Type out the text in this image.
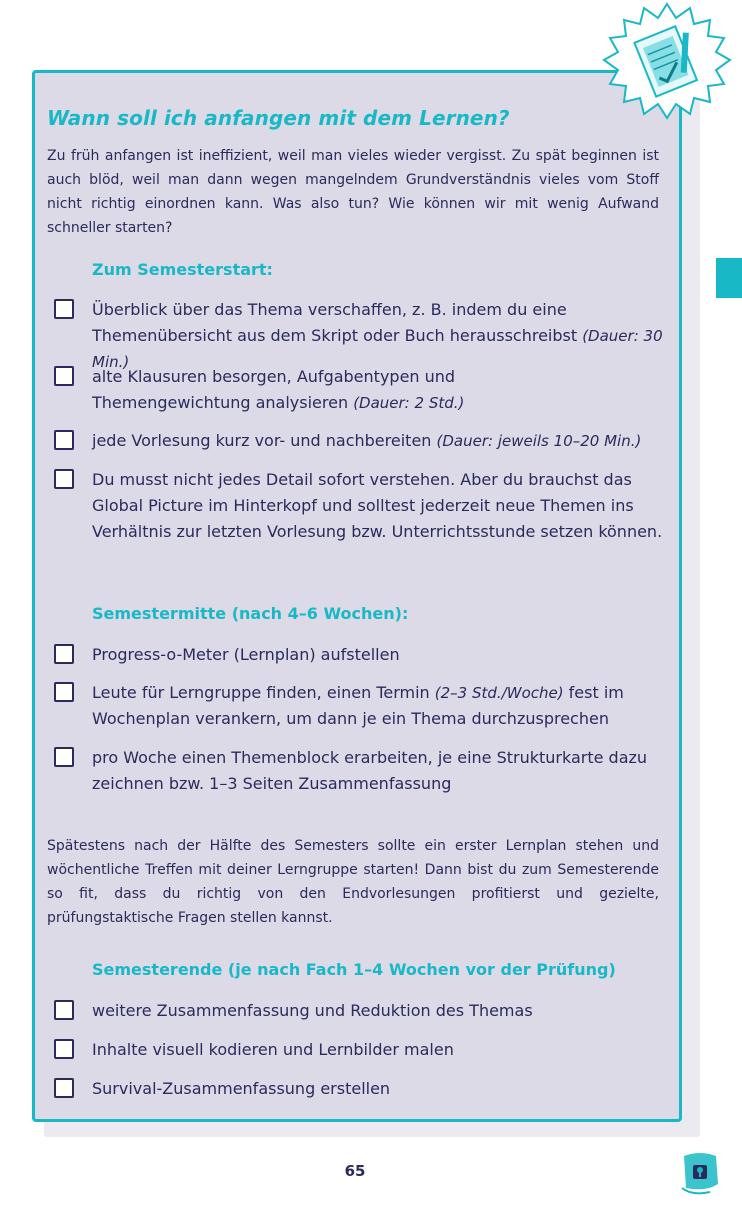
Wann soll ich anfangen mit dem Lernen?
Zu früh anfangen ist ineffizient, weil man vieles wieder vergisst. Zu spät beginnen ist auch blöd, weil man dann wegen mangelndem Grundverständnis vieles vom Stoff nicht richtig einordnen kann. Was also tun? Wie können wir mit wenig Aufwand schneller starten?
Zum Semesterstart:
Überblick über das Thema verschaffen, z. B. indem du eine Themenübersicht aus dem Skript oder Buch herausschreibst (Dauer: 30 Min.)
alte Klausuren besorgen, Aufgabentypen und Themengewichtung analysieren (Dauer: 2 Std.)
jede Vorlesung kurz vor- und nachbereiten (Dauer: jeweils 10–20 Min.)
Du musst nicht jedes Detail sofort verstehen. Aber du brauchst das Global Picture im Hinterkopf und solltest jederzeit neue Themen ins Verhältnis zur letzten Vorlesung bzw. Unterrichtsstunde setzen können.
Semestermitte (nach 4–6 Wochen):
Progress-o-Meter (Lernplan) aufstellen
Leute für Lerngruppe finden, einen Termin (2–3 Std./Woche) fest im Wochenplan verankern, um dann je ein Thema durchzusprechen
pro Woche einen Themenblock erarbeiten, je eine Strukturkarte dazu zeichnen bzw. 1–3 Seiten Zusammenfassung
Spätestens nach der Hälfte des Semesters sollte ein erster Lernplan stehen und wöchentliche Treffen mit deiner Lerngruppe starten! Dann bist du zum Semesterende so fit, dass du richtig von den Endvorlesungen profitierst und gezielte, prüfungstaktische Fragen stellen kannst.
Semesterende (je nach Fach 1–4 Wochen vor der Prüfung)
weitere Zusammenfassung und Reduktion des Themas
Inhalte visuell kodieren und Lernbilder malen
Survival-Zusammenfassung erstellen
65
